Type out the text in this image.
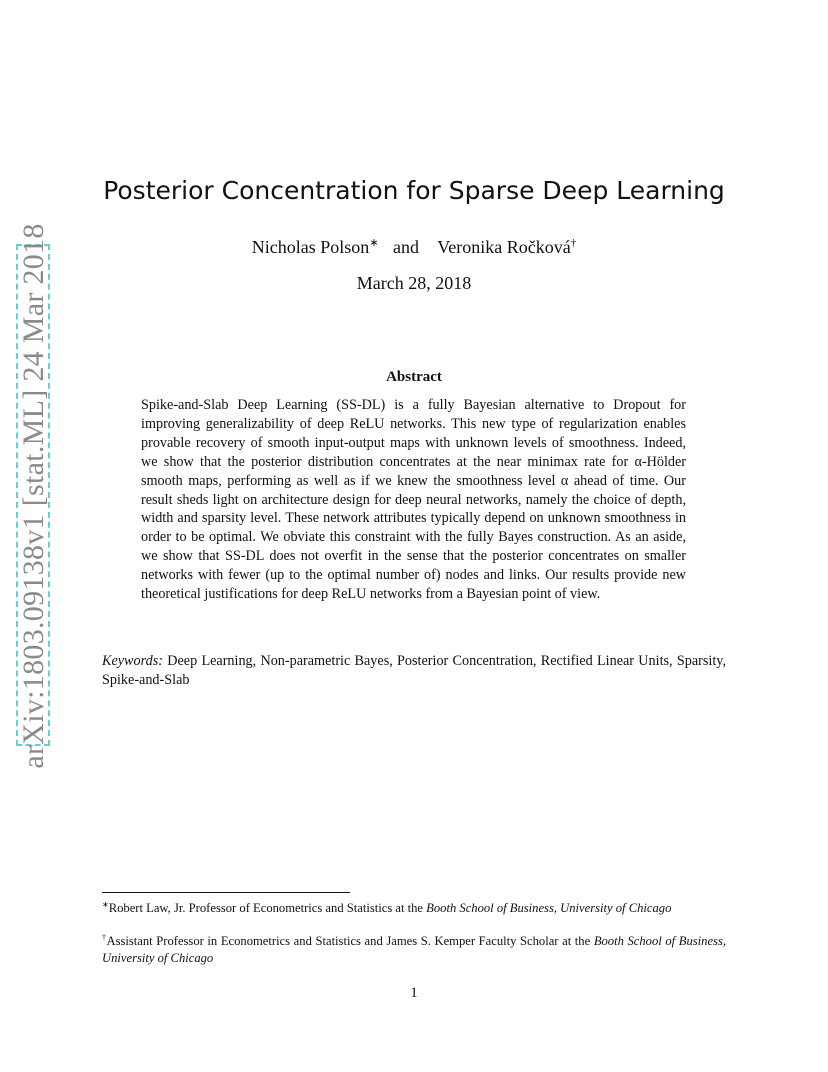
arXiv:1803.09138v1 [stat.ML] 24 Mar 2018
Posterior Concentration for Sparse Deep Learning
Nicholas Polson∗ and Veronika Ročková†
March 28, 2018
Abstract
Spike-and-Slab Deep Learning (SS-DL) is a fully Bayesian alternative to Dropout for improving generalizability of deep ReLU networks. This new type of regularization enables provable recovery of smooth input-output maps with unknown levels of smoothness. Indeed, we show that the posterior distribution concentrates at the near minimax rate for α-Hölder smooth maps, performing as well as if we knew the smoothness level α ahead of time. Our result sheds light on architecture design for deep neural networks, namely the choice of depth, width and sparsity level. These network attributes typically depend on unknown smoothness in order to be optimal. We obviate this constraint with the fully Bayes construction. As an aside, we show that SS-DL does not overfit in the sense that the posterior concentrates on smaller networks with fewer (up to the optimal number of) nodes and links. Our results provide new theoretical justifications for deep ReLU networks from a Bayesian point of view.
Keywords: Deep Learning, Non-parametric Bayes, Posterior Concentration, Rectified Linear Units, Sparsity, Spike-and-Slab
∗Robert Law, Jr. Professor of Econometrics and Statistics at the Booth School of Business, University of Chicago
†Assistant Professor in Econometrics and Statistics and James S. Kemper Faculty Scholar at the Booth School of Business, University of Chicago
1
